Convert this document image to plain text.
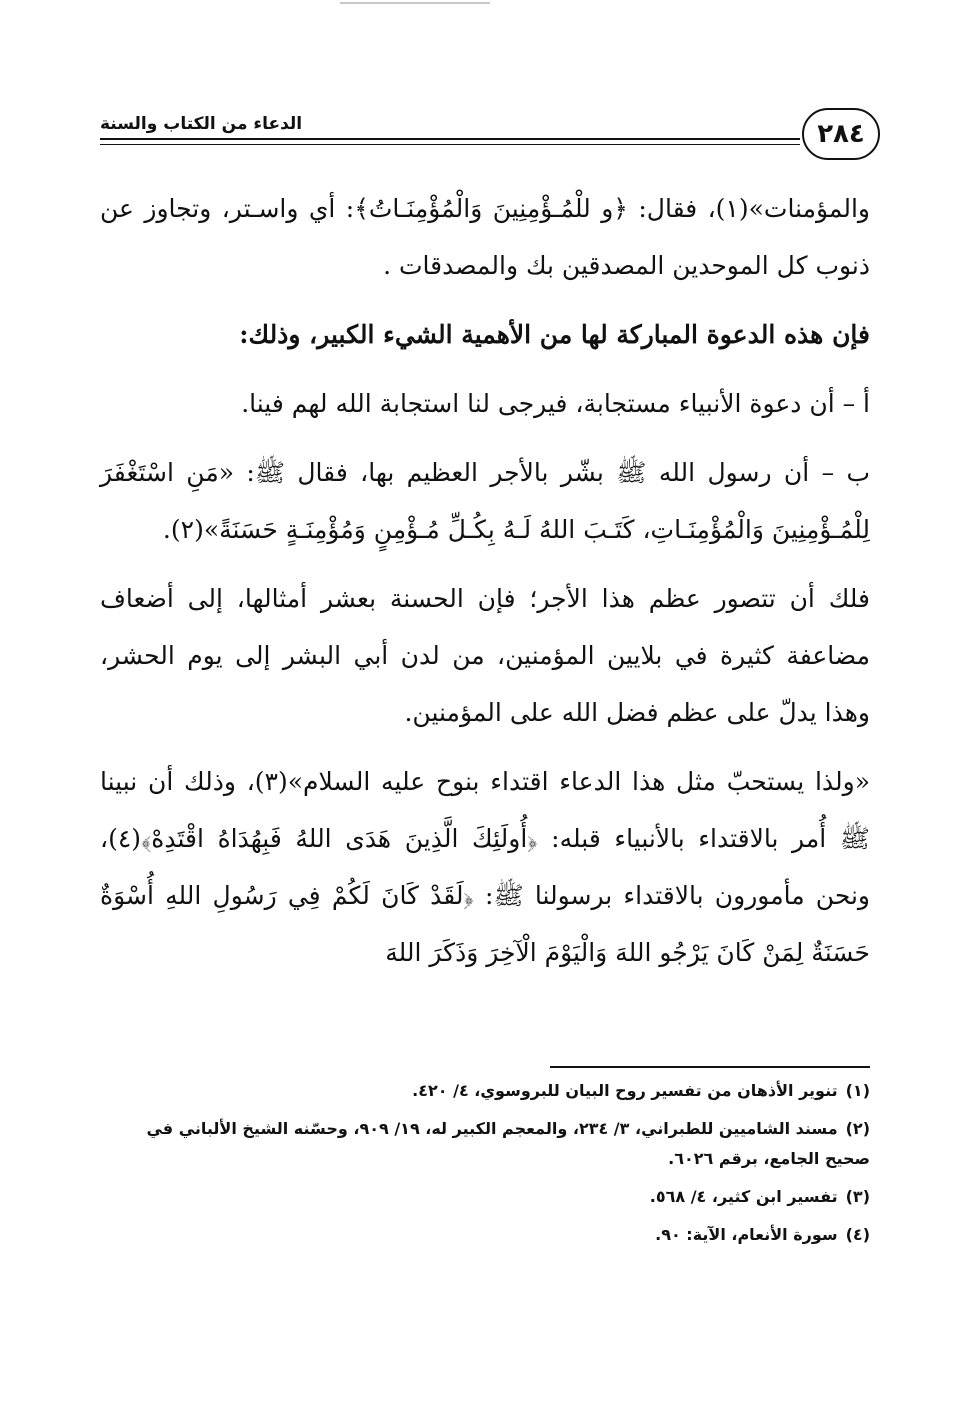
الدعاء من الكتاب والسنة	٢٨٤

والمؤمنات»(١)، فقال: ﴿و للْمُـؤْمِنِينَ وَالْمُؤْمِنَـاتُ﴾: أي واسـتر، وتجاوز عن ذنوب كل الموحدين المصدقين بك والمصدقات .

فإن هذه الدعوة المباركة لها من الأهمية الشيء الكبير، وذلك:

أ – أن دعوة الأنبياء مستجابة، فيرجى لنا استجابة الله لهم فينا.

ب – أن رسول الله ﷺ بشّر بالأجر العظيم بها، فقال ﷺ: «مَنِ اسْتَغْفَرَ لِلْمُـؤْمِنِينَ وَالْمُؤْمِنَـاتِ، كَتَـبَ اللهُ لَـهُ بِكُـلِّ مُـؤْمِنٍ وَمُؤْمِنَـةٍ حَسَنَةً»(٢).

فلك أن تتصور عظم هذا الأجر؛ فإن الحسنة بعشر أمثالها، إلى أضعاف مضاعفة كثيرة في بلايين المؤمنين، من لدن أبي البشر إلى يوم الحشر، وهذا يدلّ على عظم فضل الله على المؤمنين.

«ولذا يستحبّ مثل هذا الدعاء اقتداء بنوح عليه السلام»(٣)، وذلك أن نبينا ﷺ أُمر بالاقتداء بالأنبياء قبله: ﴿أُولَئِكَ الَّذِينَ هَدَى اللهُ فَبِهُدَاهُ اقْتَدِهْ﴾(٤)، ونحن مأمورون بالاقتداء برسولنا ﷺ: ﴿لَقَدْ كَانَ لَكُمْ فِي رَسُولِ اللهِ أُسْوَةٌ حَسَنَةٌ لِمَنْ كَانَ يَرْجُو اللهَ وَالْيَوْمَ الْآخِرَ وَذَكَرَ اللهَ

(١)تنوير الأذهان من تفسير روح البيان للبروسوي، ٤/ ٤٢٠.
(٢)مسند الشاميين للطبراني، ٣/ ٢٣٤، والمعجم الكبير له، ١٩/ ٩٠٩، وحسّنه الشيخ الألباني في صحيح الجامع، برقم ٦٠٢٦.
(٣)تفسير ابن كثير، ٤/ ٥٦٨.
(٤)سورة الأنعام، الآية: ٩٠.
